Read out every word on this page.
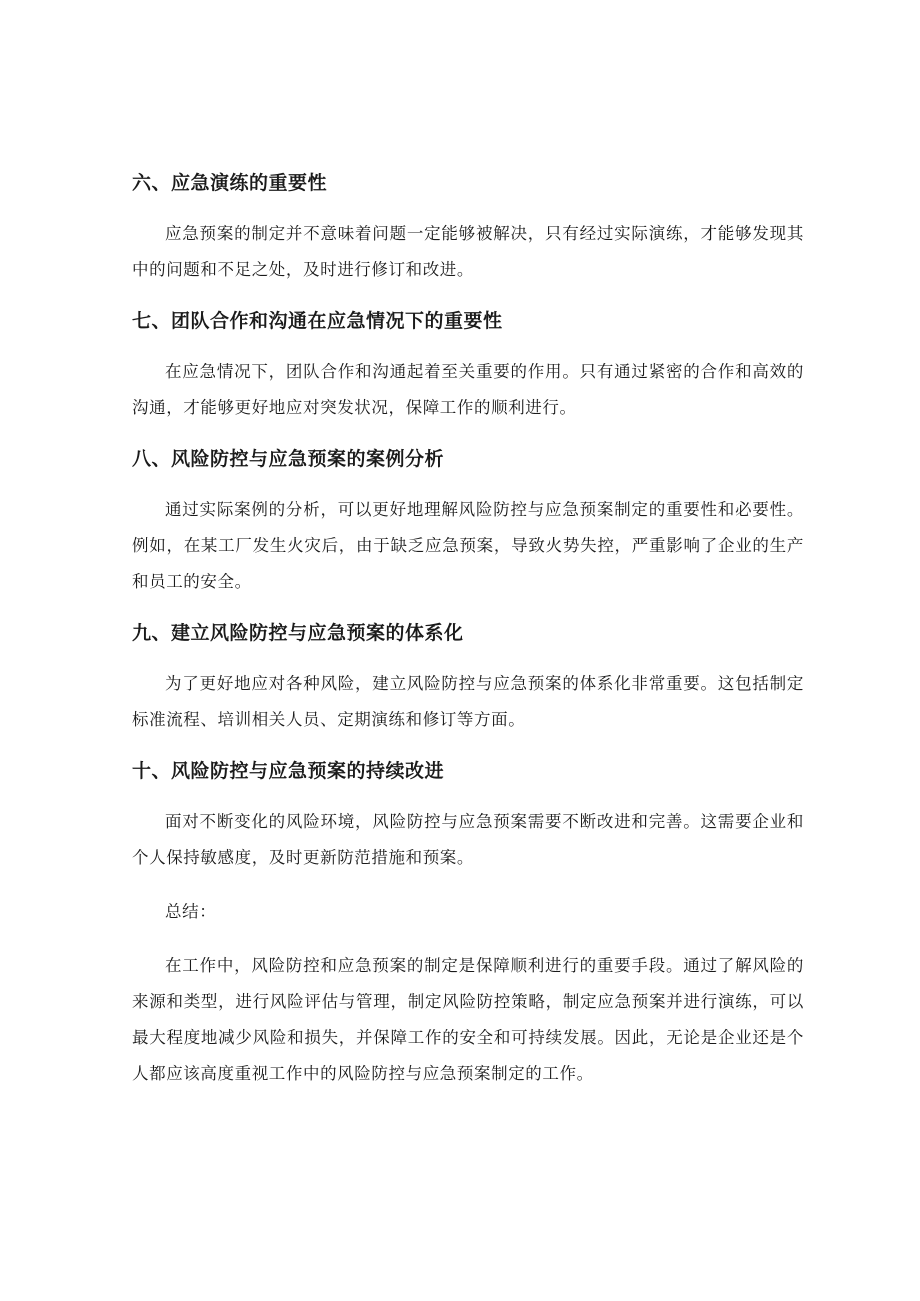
六、应急演练的重要性

应急预案的制定并不意味着问题一定能够被解决，只有经过实际演练，才能够发现其中的问题和不足之处，及时进行修订和改进。

七、团队合作和沟通在应急情况下的重要性

在应急情况下，团队合作和沟通起着至关重要的作用。只有通过紧密的合作和高效的沟通，才能够更好地应对突发状况，保障工作的顺利进行。

八、风险防控与应急预案的案例分析

通过实际案例的分析，可以更好地理解风险防控与应急预案制定的重要性和必要性。例如，在某工厂发生火灾后，由于缺乏应急预案，导致火势失控，严重影响了企业的生产和员工的安全。

九、建立风险防控与应急预案的体系化

为了更好地应对各种风险，建立风险防控与应急预案的体系化非常重要。这包括制定标准流程、培训相关人员、定期演练和修订等方面。

十、风险防控与应急预案的持续改进

面对不断变化的风险环境，风险防控与应急预案需要不断改进和完善。这需要企业和个人保持敏感度，及时更新防范措施和预案。

总结：

在工作中，风险防控和应急预案的制定是保障顺利进行的重要手段。通过了解风险的来源和类型，进行风险评估与管理，制定风险防控策略，制定应急预案并进行演练，可以最大程度地减少风险和损失，并保障工作的安全和可持续发展。因此，无论是企业还是个人都应该高度重视工作中的风险防控与应急预案制定的工作。
